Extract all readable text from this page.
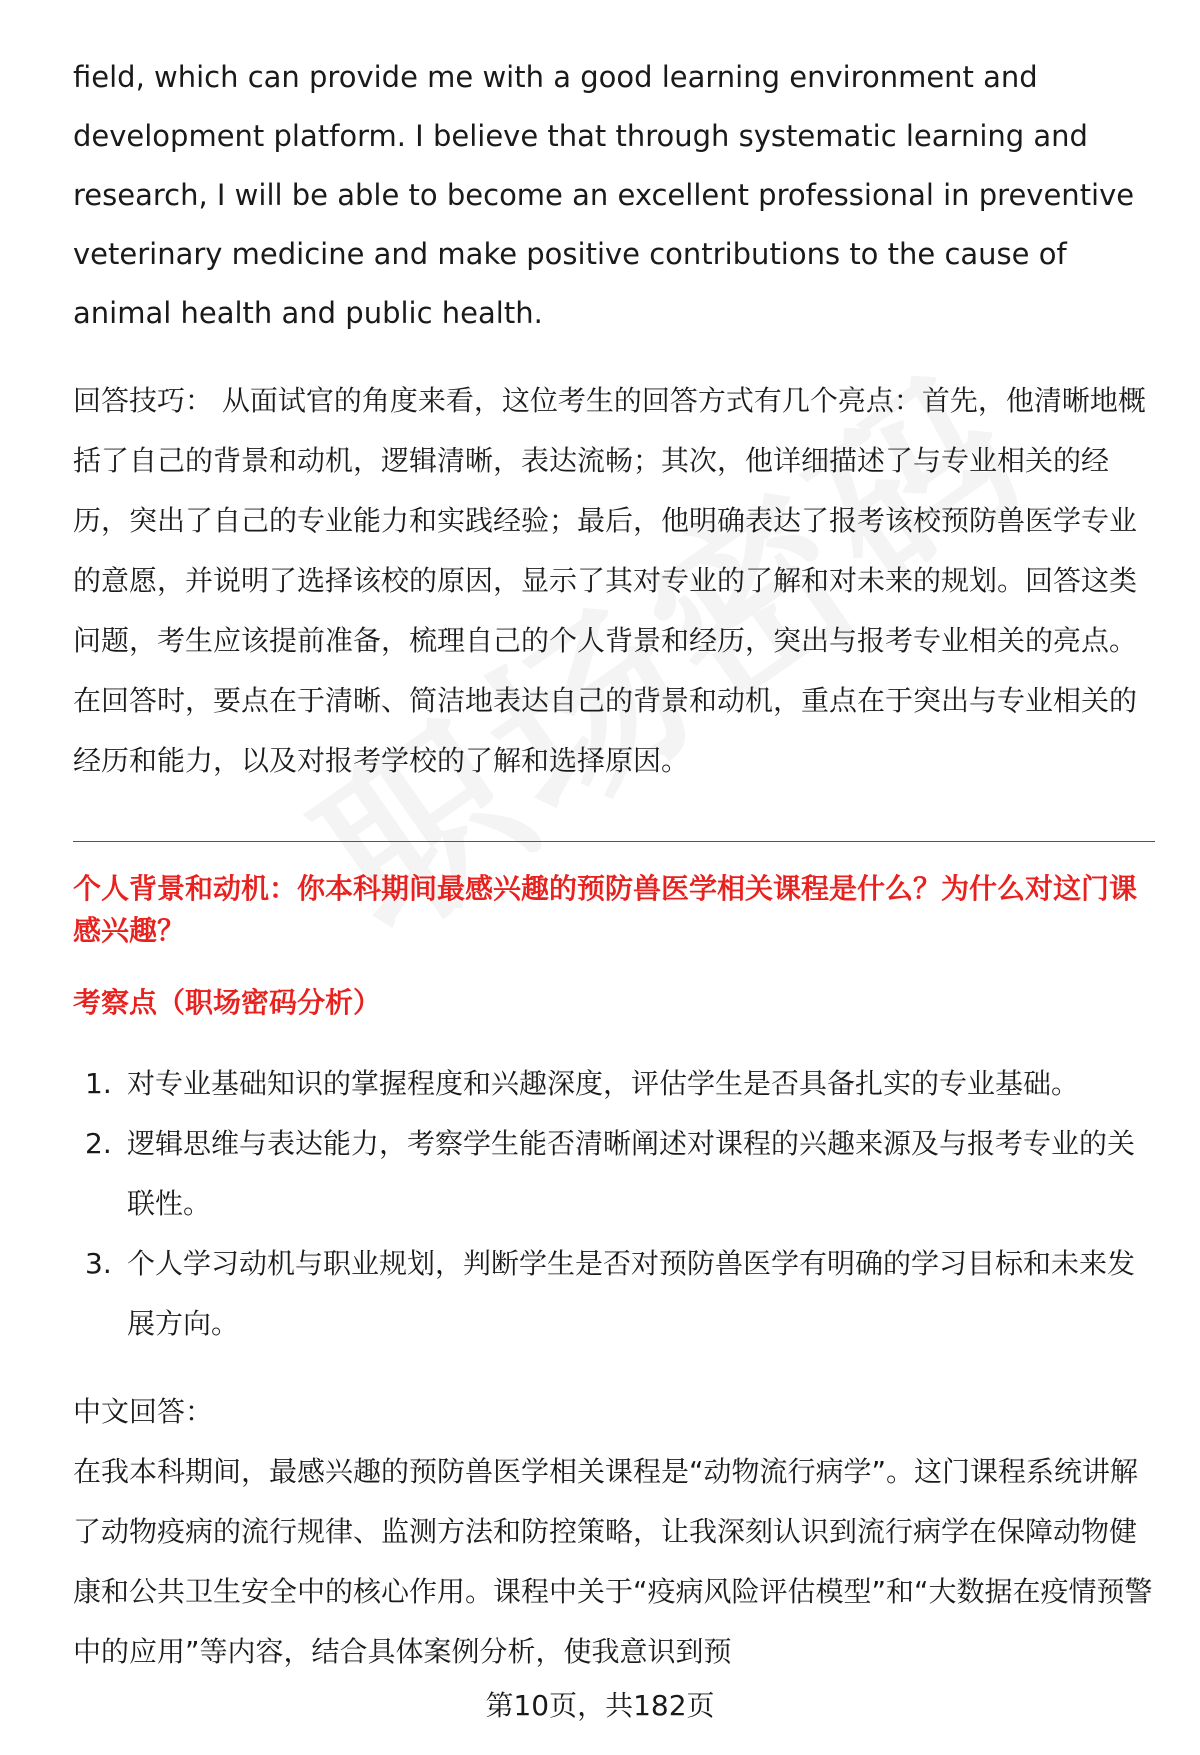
field, which can provide me with a good learning environment and development platform. I believe that through systematic learning and research, I will be able to become an excellent professional in preventive veterinary medicine and make positive contributions to the cause of animal health and public health.

回答技巧： 从面试官的角度来看，这位考生的回答方式有几个亮点：首先，他清晰地概括了自己的背景和动机，逻辑清晰，表达流畅；其次，他详细描述了与专业相关的经历，突出了自己的专业能力和实践经验；最后，他明确表达了报考该校预防兽医学专业的意愿，并说明了选择该校的原因，显示了其对专业的了解和对未来的规划。回答这类问题，考生应该提前准备，梳理自己的个人背景和经历，突出与报考专业相关的亮点。在回答时，要点在于清晰、简洁地表达自己的背景和动机，重点在于突出与专业相关的经历和能力，以及对报考学校的了解和选择原因。

个人背景和动机：你本科期间最感兴趣的预防兽医学相关课程是什么？为什么对这门课感兴趣？
考察点（职场密码分析）
1. 对专业基础知识的掌握程度和兴趣深度，评估学生是否具备扎实的专业基础。
2. 逻辑思维与表达能力，考察学生能否清晰阐述对课程的兴趣来源及与报考专业的关联性。
3. 个人学习动机与职业规划，判断学生是否对预防兽医学有明确的学习目标和未来发展方向。

中文回答：

在我本科期间，最感兴趣的预防兽医学相关课程是“动物流行病学”。这门课程系统讲解了动物疫病的流行规律、监测方法和防控策略，让我深刻认识到流行病学在保障动物健康和公共卫生安全中的核心作用。课程中关于“疫病风险评估模型”和“大数据在疫情预警中的应用”等内容，结合具体案例分析，使我意识到预

第10页，共182页
